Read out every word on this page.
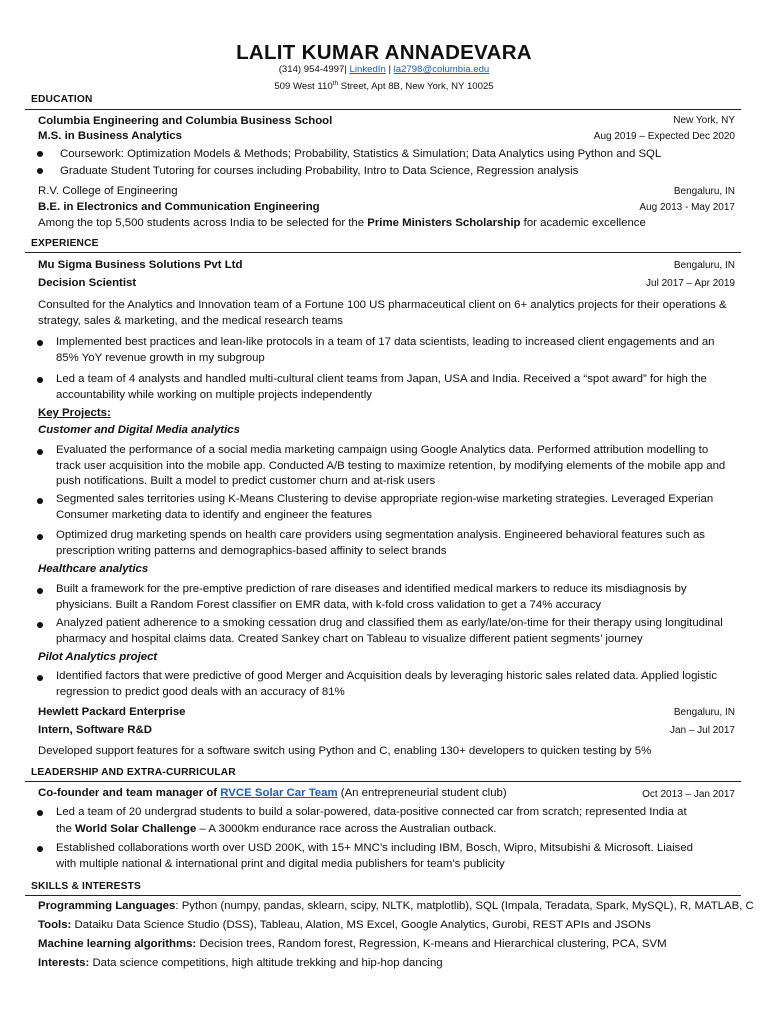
LALIT KUMAR ANNADEVARA
(314) 954-4997| LinkedIn | la2798@columbia.edu
509 West 110th Street, Apt 8B, New York, NY 10025
EDUCATION
Columbia Engineering and Columbia Business School	New York, NY
M.S. in Business Analytics	Aug 2019 – Expected Dec 2020
Coursework: Optimization Models & Methods; Probability, Statistics & Simulation; Data Analytics using Python and SQL
Graduate Student Tutoring for courses including Probability, Intro to Data Science, Regression analysis
R.V. College of Engineering	Bengaluru, IN
B.E. in Electronics and Communication Engineering	Aug 2013 - May 2017
Among the top 5,500 students across India to be selected for the Prime Ministers Scholarship for academic excellence
EXPERIENCE
Mu Sigma Business Solutions Pvt Ltd	Bengaluru, IN
Decision Scientist	Jul 2017 – Apr 2019
Consulted for the Analytics and Innovation team of a Fortune 100 US pharmaceutical client on 6+ analytics projects for their operations & strategy, sales & marketing, and the medical research teams
Implemented best practices and lean-like protocols in a team of 17 data scientists, leading to increased client engagements and an 85% YoY revenue growth in my subgroup
Led a team of 4 analysts and handled multi-cultural client teams from Japan, USA and India. Received a “spot award” for high the accountability while working on multiple projects independently
Key Projects:
Customer and Digital Media analytics
Evaluated the performance of a social media marketing campaign using Google Analytics data. Performed attribution modelling to track user acquisition into the mobile app. Conducted A/B testing to maximize retention, by modifying elements of the mobile app and push notifications. Built a model to predict customer churn and at-risk users
Segmented sales territories using K-Means Clustering to devise appropriate region-wise marketing strategies. Leveraged Experian Consumer marketing data to identify and engineer the features
Optimized drug marketing spends on health care providers using segmentation analysis. Engineered behavioral features such as prescription writing patterns and demographics-based affinity to select brands
Healthcare analytics
Built a framework for the pre-emptive prediction of rare diseases and identified medical markers to reduce its misdiagnosis by physicians. Built a Random Forest classifier on EMR data, with k-fold cross validation to get a 74% accuracy
Analyzed patient adherence to a smoking cessation drug and classified them as early/late/on-time for their therapy using longitudinal pharmacy and hospital claims data. Created Sankey chart on Tableau to visualize different patient segments’ journey
Pilot Analytics project
Identified factors that were predictive of good Merger and Acquisition deals by leveraging historic sales related data. Applied logistic regression to predict good deals with an accuracy of 81%
Hewlett Packard Enterprise	Bengaluru, IN
Intern, Software R&D	Jan – Jul 2017
Developed support features for a software switch using Python and C, enabling 130+ developers to quicken testing by 5%
LEADERSHIP AND EXTRA-CURRICULAR
Co-founder and team manager of RVCE Solar Car Team (An entrepreneurial student club)	Oct 2013 – Jan 2017
Led a team of 20 undergrad students to build a solar-powered, data-positive connected car from scratch; represented India at
the World Solar Challenge – A 3000km endurance race across the Australian outback.
Established collaborations worth over USD 200K, with 15+ MNC’s including IBM, Bosch, Wipro, Mitsubishi & Microsoft. Liaised
with multiple national & international print and digital media publishers for team’s publicity
SKILLS & INTERESTS
Programming Languages: Python (numpy, pandas, sklearn, scipy, NLTK, matplotlib), SQL (Impala, Teradata, Spark, MySQL), R, MATLAB, C
Tools: Dataiku Data Science Studio (DSS), Tableau, Alation, MS Excel, Google Analytics, Gurobi, REST APIs and JSONs
Machine learning algorithms: Decision trees, Random forest, Regression, K-means and Hierarchical clustering, PCA, SVM
Interests: Data science competitions, high altitude trekking and hip-hop dancing
